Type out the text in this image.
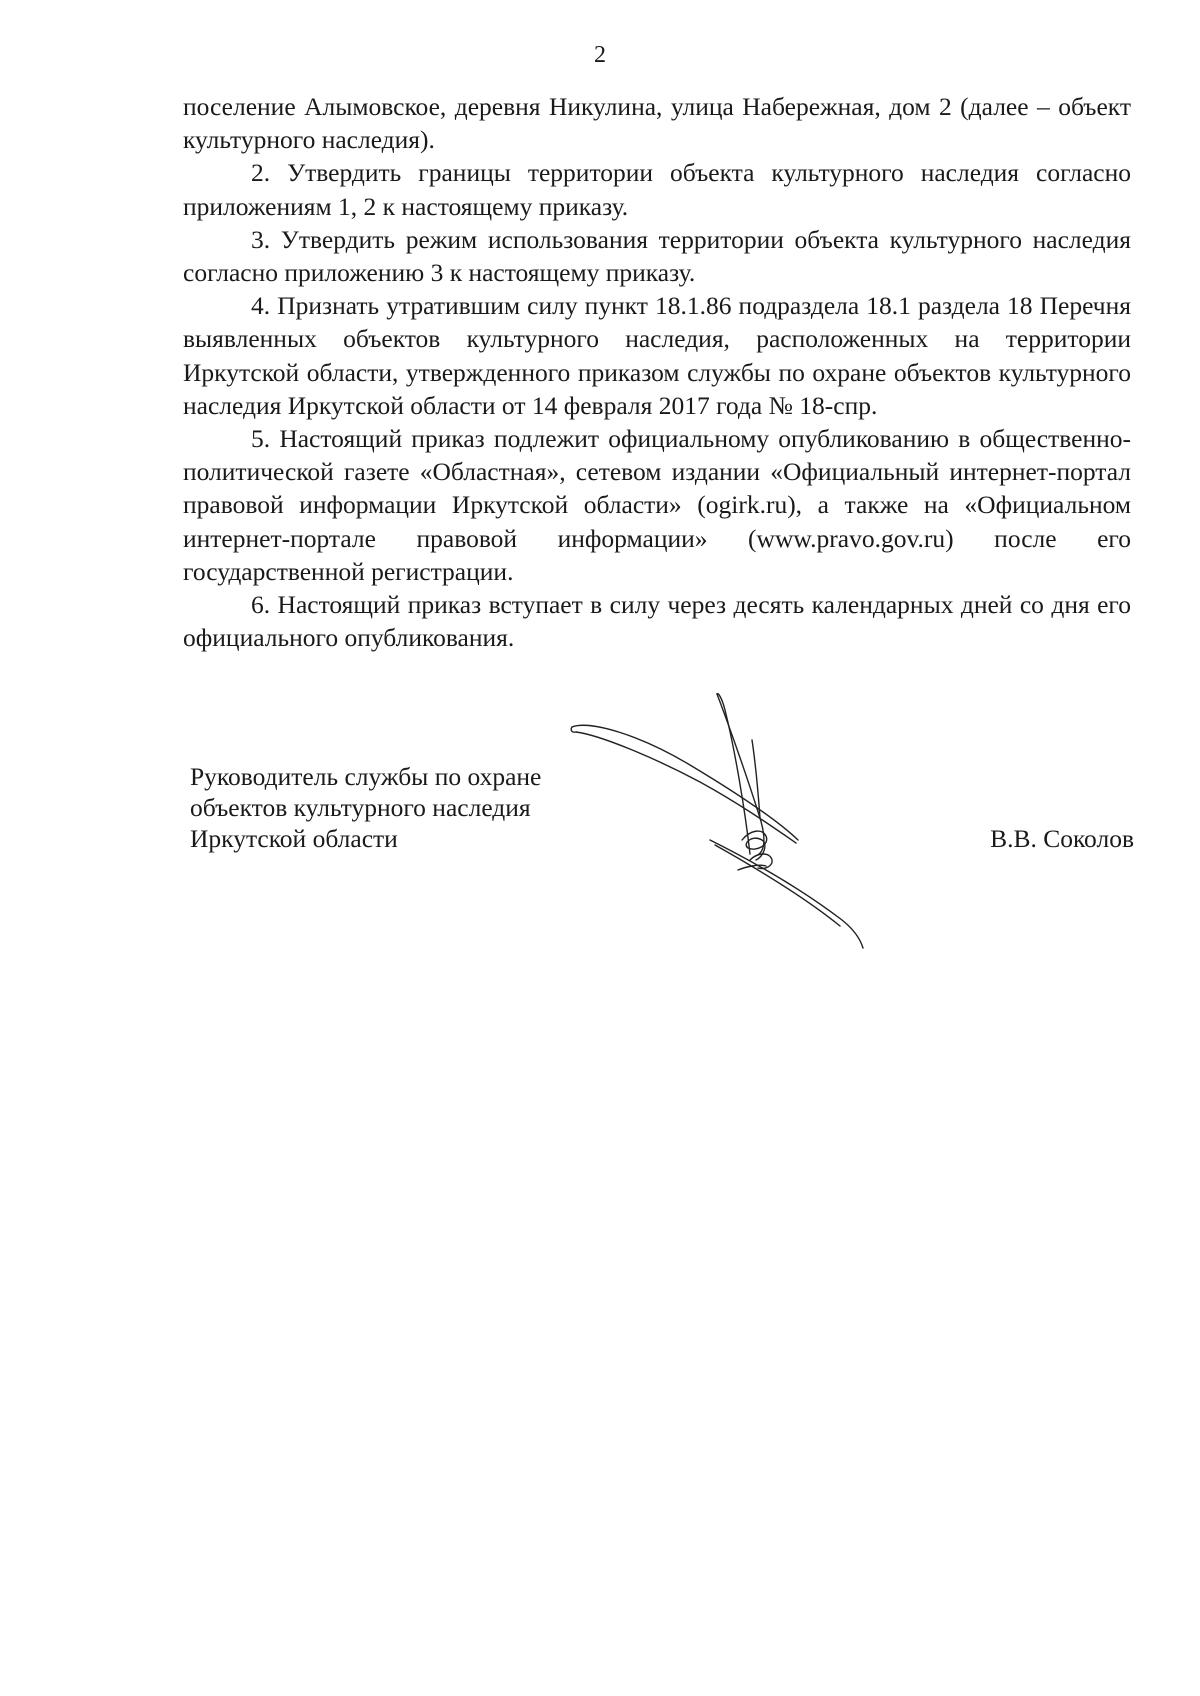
2

поселение Алымовское, деревня Никулина, улица Набережная, дом 2 (далее – объект культурного наследия).

2. Утвердить границы территории объекта культурного наследия согласно приложениям 1, 2 к настоящему приказу.

3. Утвердить режим использования территории объекта культурного наследия согласно приложению 3 к настоящему приказу.

4. Признать утратившим силу пункт 18.1.86 подраздела 18.1 раздела 18 Перечня выявленных объектов культурного наследия, расположенных на территории Иркутской области, утвержденного приказом службы по охране объектов культурного наследия Иркутской области от 14 февраля 2017 года № 18-спр.

5. Настоящий приказ подлежит официальному опубликованию в общественно-политической газете «Областная», сетевом издании «Официальный интернет-портал правовой информации Иркутской области» (ogirk.ru), а также на «Официальном интернет-портале правовой информации» (www.pravo.gov.ru) после его государственной регистрации.

6. Настоящий приказ вступает в силу через десять календарных дней со дня его официального опубликования.

Руководитель службы по охране
объектов культурного наследия
Иркутской области	В.В. Соколов
